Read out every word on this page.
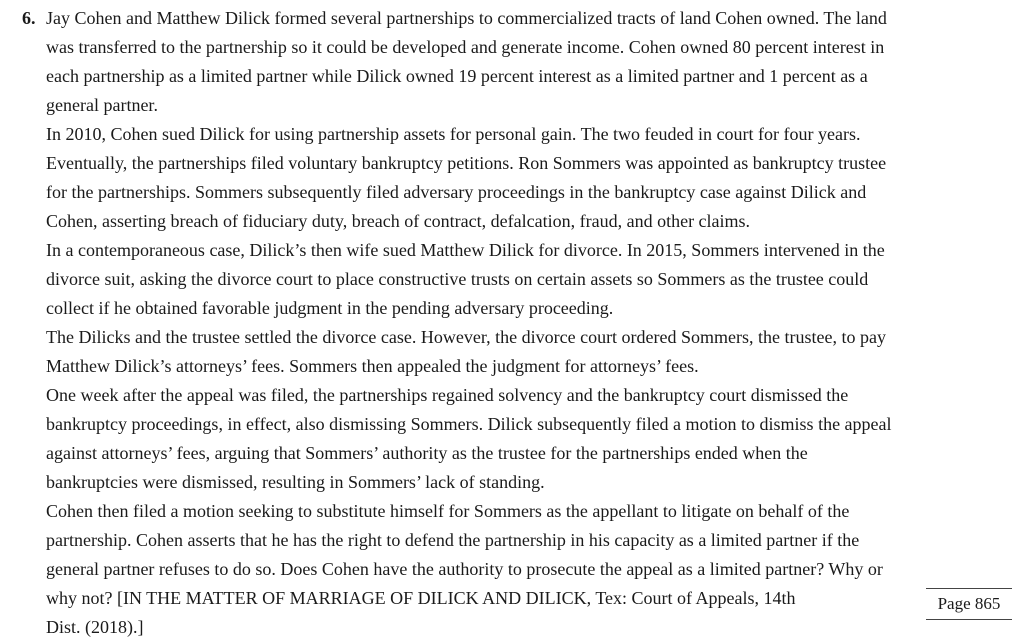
6. Jay Cohen and Matthew Dilick formed several partnerships to commercialized tracts of land Cohen owned. The land
was transferred to the partnership so it could be developed and generate income. Cohen owned 80 percent interest in
each partnership as a limited partner while Dilick owned 19 percent interest as a limited partner and 1 percent as a
general partner.

In 2010, Cohen sued Dilick for using partnership assets for personal gain. The two feuded in court for four years.
Eventually, the partnerships filed voluntary bankruptcy petitions. Ron Sommers was appointed as bankruptcy trustee
for the partnerships. Sommers subsequently filed adversary proceedings in the bankruptcy case against Dilick and
Cohen, asserting breach of fiduciary duty, breach of contract, defalcation, fraud, and other claims.

In a contemporaneous case, Dilick’s then wife sued Matthew Dilick for divorce. In 2015, Sommers intervened in the
divorce suit, asking the divorce court to place constructive trusts on certain assets so Sommers as the trustee could
collect if he obtained favorable judgment in the pending adversary proceeding.

The Dilicks and the trustee settled the divorce case. However, the divorce court ordered Sommers, the trustee, to pay
Matthew Dilick’s attorneys’ fees. Sommers then appealed the judgment for attorneys’ fees.

One week after the appeal was filed, the partnerships regained solvency and the bankruptcy court dismissed the
bankruptcy proceedings, in effect, also dismissing Sommers. Dilick subsequently filed a motion to dismiss the appeal
against attorneys’ fees, arguing that Sommers’ authority as the trustee for the partnerships ended when the
bankruptcies were dismissed, resulting in Sommers’ lack of standing.

Cohen then filed a motion seeking to substitute himself for Sommers as the appellant to litigate on behalf of the
partnership. Cohen asserts that he has the right to defend the partnership in his capacity as a limited partner if the
general partner refuses to do so. Does Cohen have the authority to prosecute the appeal as a limited partner? Why or
why not? [IN THE MATTER OF MARRIAGE OF DILICK AND DILICK, Tex: Court of Appeals, 14th
Dist. (2018).]

Page 865
